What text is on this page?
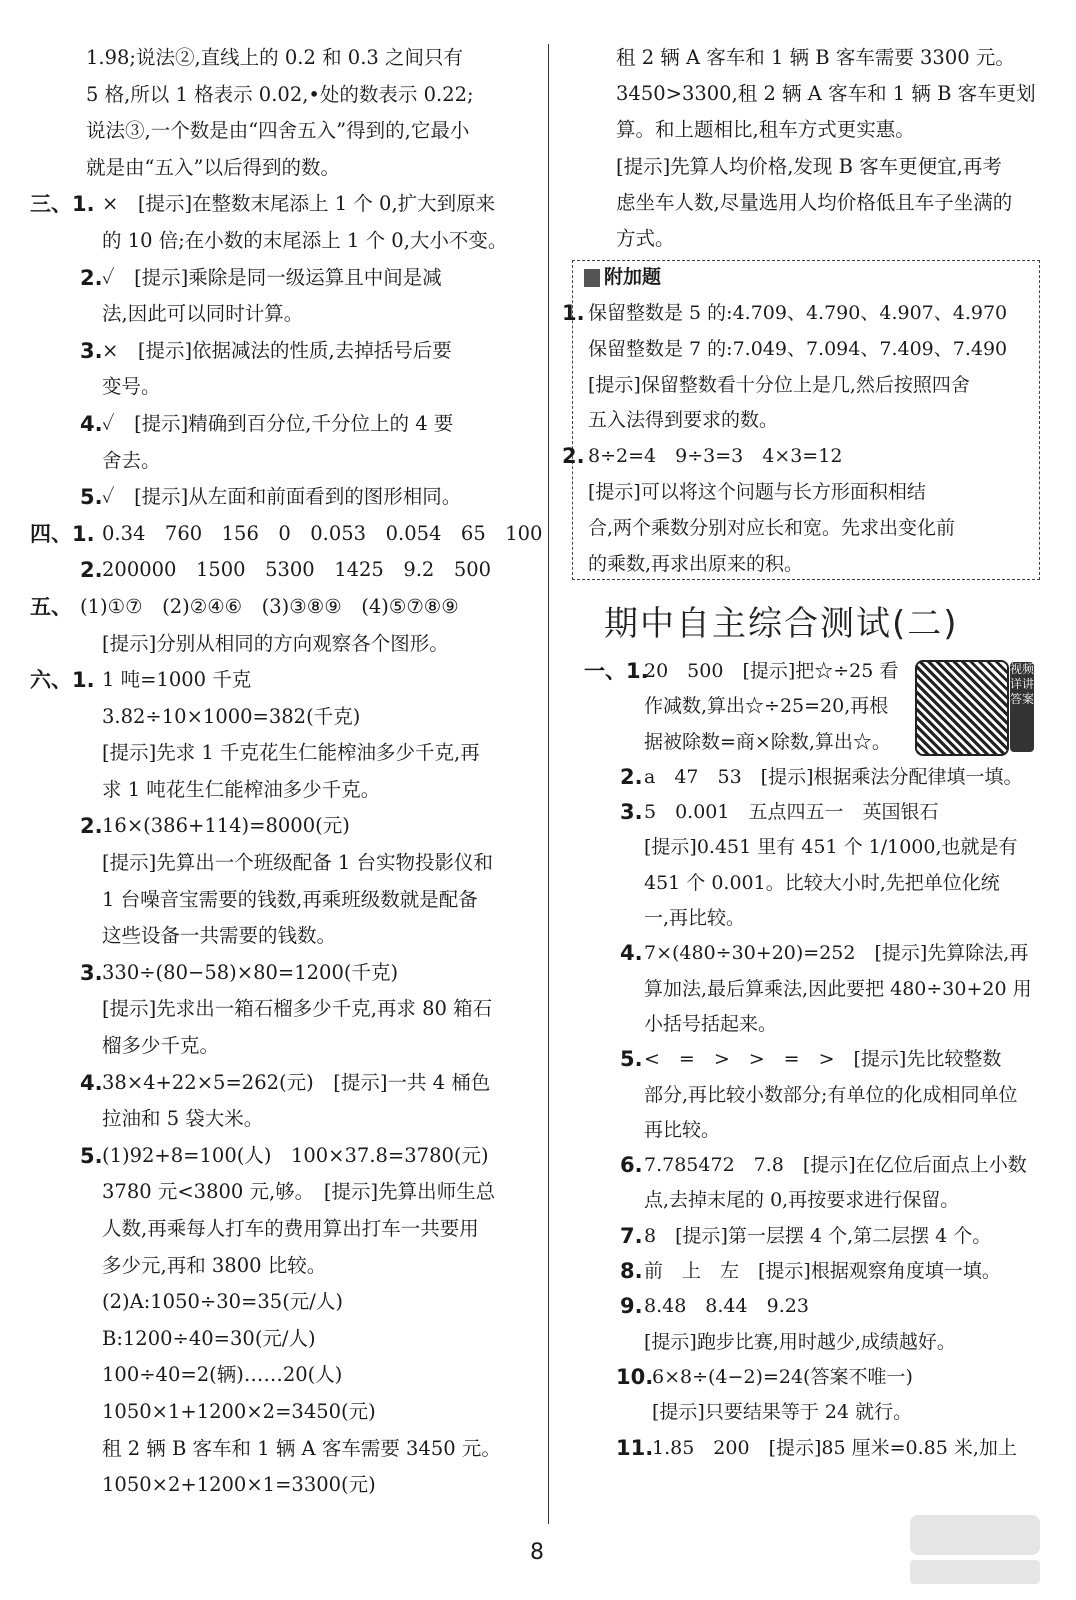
1.98;说法②,直线上的 0.2 和 0.3 之间只有
5 格,所以 1 格表示 0.02,•处的数表示 0.22;
说法③,一个数是由“四舍五入”得到的,它最小
就是由“五入”以后得到的数。
三、1. ×　[提示]在整数末尾添上 1 个 0,扩大到原来
的 10 倍;在小数的末尾添上 1 个 0,大小不变。
2. ✓　[提示]乘除是同一级运算且中间是减
法,因此可以同时计算。
3. ×　[提示]依据减法的性质,去掉括号后要
变号。
4. ✓　[提示]精确到百分位,千分位上的 4 要
舍去。
5. ✓　[提示]从左面和前面看到的图形相同。
四、1. 0.34　760　156　0　0.053　0.054　65　100
2. 200000　1500　5300　1425　9.2　500
五、 (1)①⑦　(2)②④⑥　(3)③⑧⑨　(4)⑤⑦⑧⑨
[提示]分别从相同的方向观察各个图形。
六、1. 1 吨=1000 千克
3.82÷10×1000=382(千克)
[提示]先求 1 千克花生仁能榨油多少千克,再
求 1 吨花生仁能榨油多少千克。
2. 16×(386+114)=8000(元)
[提示]先算出一个班级配备 1 台实物投影仪和
1 台噪音宝需要的钱数,再乘班级数就是配备
这些设备一共需要的钱数。
3. 330÷(80−58)×80=1200(千克)
[提示]先求出一箱石榴多少千克,再求 80 箱石
榴多少千克。
4. 38×4+22×5=262(元)　[提示]一共 4 桶色
拉油和 5 袋大米。
5. (1)92+8=100(人)　100×37.8=3780(元)
3780 元<3800 元,够。　[提示]先算出师生总
人数,再乘每人打车的费用算出打车一共要用
多少元,再和 3800 比较。
(2)A:1050÷30=35(元/人)
B:1200÷40=30(元/人)
100÷40=2(辆)……20(人)
1050×1+1200×2=3450(元)
租 2 辆 B 客车和 1 辆 A 客车需要 3450 元。
1050×2+1200×1=3300(元)
租 2 辆 A 客车和 1 辆 B 客车需要 3300 元。
3450>3300,租 2 辆 A 客车和 1 辆 B 客车更划
算。和上题相比,租车方式更实惠。
[提示]先算人均价格,发现 B 客车更便宜,再考
虑坐车人数,尽量选用人均价格低且车子坐满的
方式。
附加题
1. 保留整数是 5 的:4.709、4.790、4.907、4.970
保留整数是 7 的:7.049、7.094、7.409、7.490
[提示]保留整数看十分位上是几,然后按照四舍
五入法得到要求的数。
2. 8÷2=4　9÷3=3　4×3=12
[提示]可以将这个问题与长方形面积相结
合,两个乘数分别对应长和宽。先求出变化前
的乘数,再求出原来的积。
期中自主综合测试(二)
视频详讲答案
一、1.
20　500　[提示]把☆÷25 看
作减数,算出☆÷25=20,再根
据被除数=商×除数,算出☆。
2. a　47　53　[提示]根据乘法分配律填一填。
3. 5　0.001　五点四五一　英国银石
[提示]0.451 里有 451 个 1/1000,也就是有
451 个 0.001。比较大小时,先把单位化统
一,再比较。
4. 7×(480÷30+20)=252　[提示]先算除法,再
算加法,最后算乘法,因此要把 480÷30+20 用
小括号括起来。
5. <　=　>　>　=　>　[提示]先比较整数
部分,再比较小数部分;有单位的化成相同单位
再比较。
6. 7.785472　7.8　[提示]在亿位后面点上小数
点,去掉末尾的 0,再按要求进行保留。
7. 8　[提示]第一层摆 4 个,第二层摆 4 个。
8. 前　上　左　[提示]根据观察角度填一填。
9. 8.48　8.44　9.23
[提示]跑步比赛,用时越少,成绩越好。
10.
6×8÷(4−2)=24(答案不唯一)
[提示]只要结果等于 24 就行。
11.
1.85　200　[提示]85 厘米=0.85 米,加上
8
